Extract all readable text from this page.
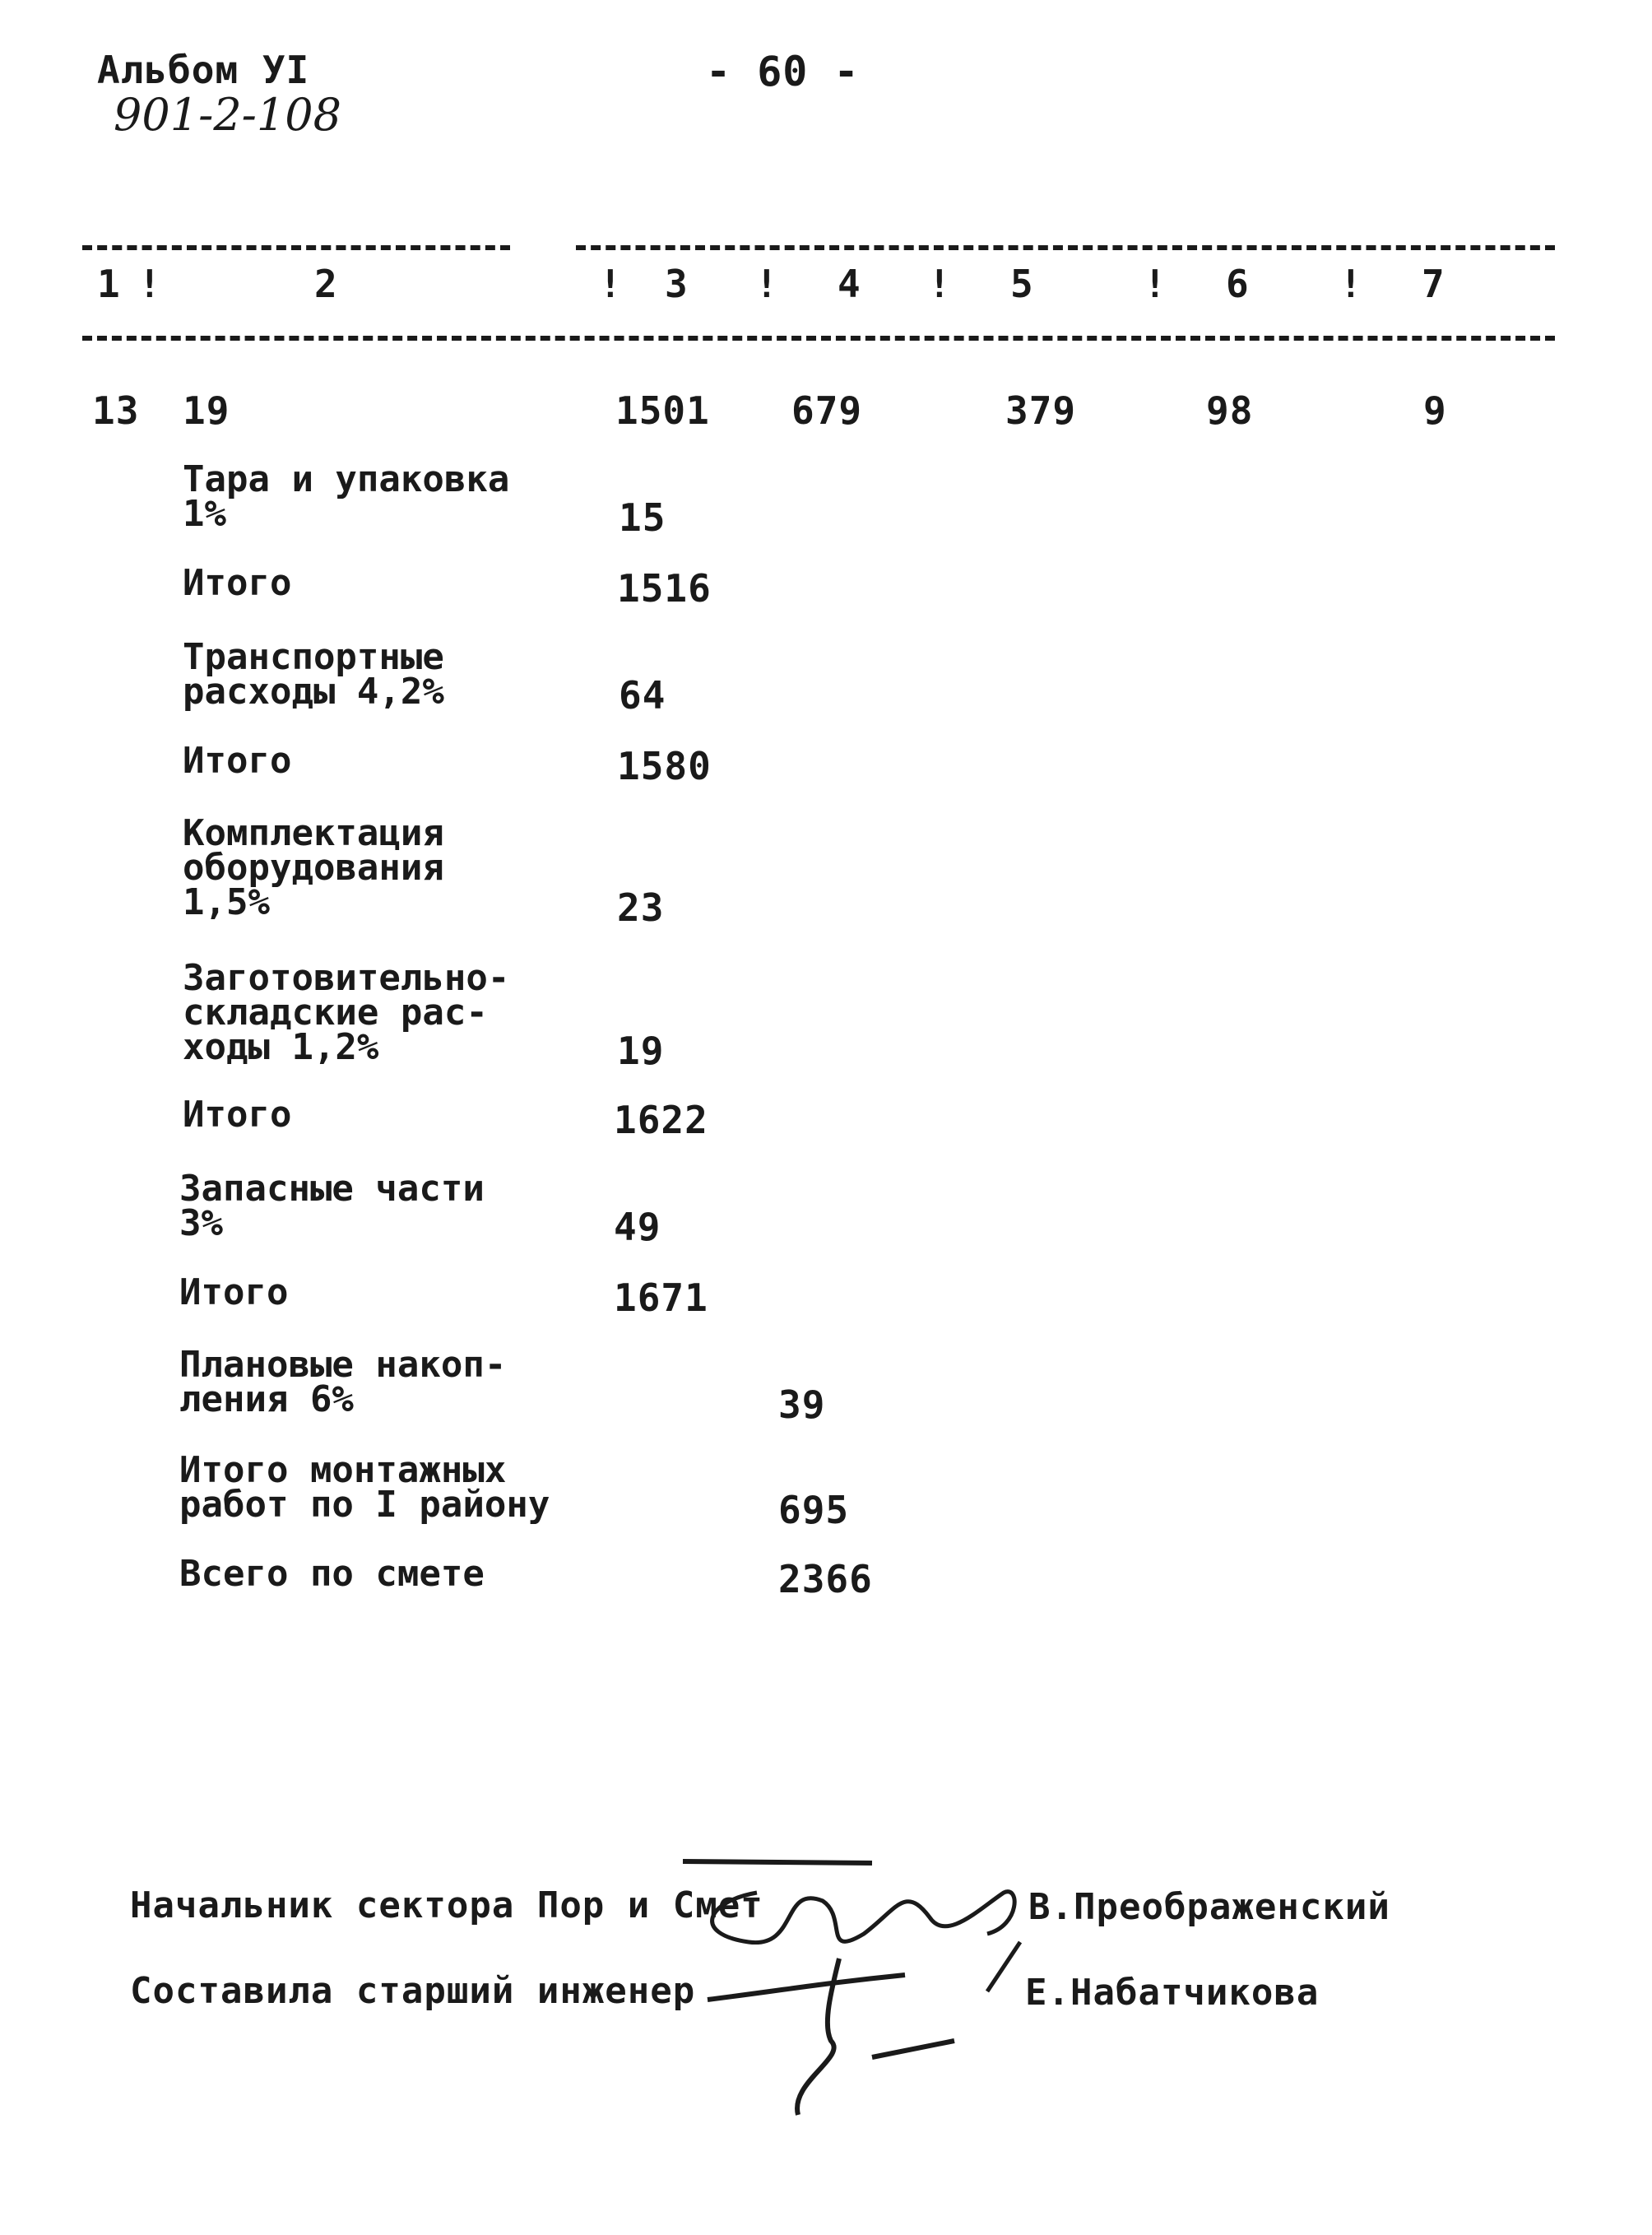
Альбом УI
901-2-108
- 60 -
1 !	2	! 3 ! 4 ! 5	! 6 ! 7
13 19	1501 679	379	98	9
Тара и упаковка
1%	15
Итого	1516
Транспортные
расходы 4,2%	64
Итого	1580
Комплектация
оборудования
1,5%	23
Заготовительно-
складские рас-
ходы 1,2%	19
Итого	1622
Запасные части
3%	49
Итого	1671
Плановые накоп-
ления 6%	39
Итого монтажных
работ по I району	695
Всего по смете	2366
Начальник сектора Пор и Смет	В.Преображенский
Составила старший инженер	Е.Набатчикова
